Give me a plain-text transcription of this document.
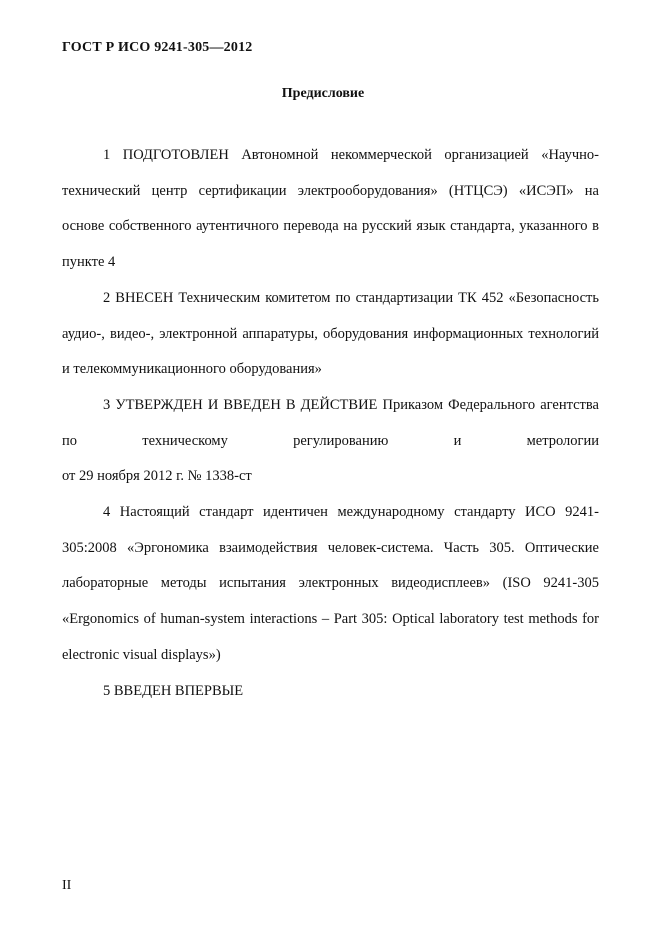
ГОСТ Р ИСО 9241-305—2012
Предисловие

1 ПОДГОТОВЛЕН Автономной некоммерческой организацией «Научно-технический центр сертификации электрооборудования» (НТЦСЭ) «ИСЭП» на основе собственного аутентичного перевода на русский язык стандарта, указанного в пункте 4

2 ВНЕСЕН Техническим комитетом по стандартизации ТК 452 «Безопасность аудио-, видео-, электронной аппаратуры, оборудования информационных технологий и телекоммуникационного оборудования»

3 УТВЕРЖДЕН И ВВЕДЕН В ДЕЙСТВИЕ Приказом Федерального агентства по техническому регулированию и метрологии

от 29 ноября 2012 г. № 1338-ст

4 Настоящий стандарт идентичен международному стандарту ИСО 9241-305:2008 «Эргономика взаимодействия человек-система. Часть 305. Оптические лабораторные методы испытания электронных видеодисплеев» (ISO 9241-305 «Ergonomics of human-system interactions – Part 305: Optical laboratory test methods for electronic visual displays»)

5 ВВЕДЕН ВПЕРВЫЕ

II
